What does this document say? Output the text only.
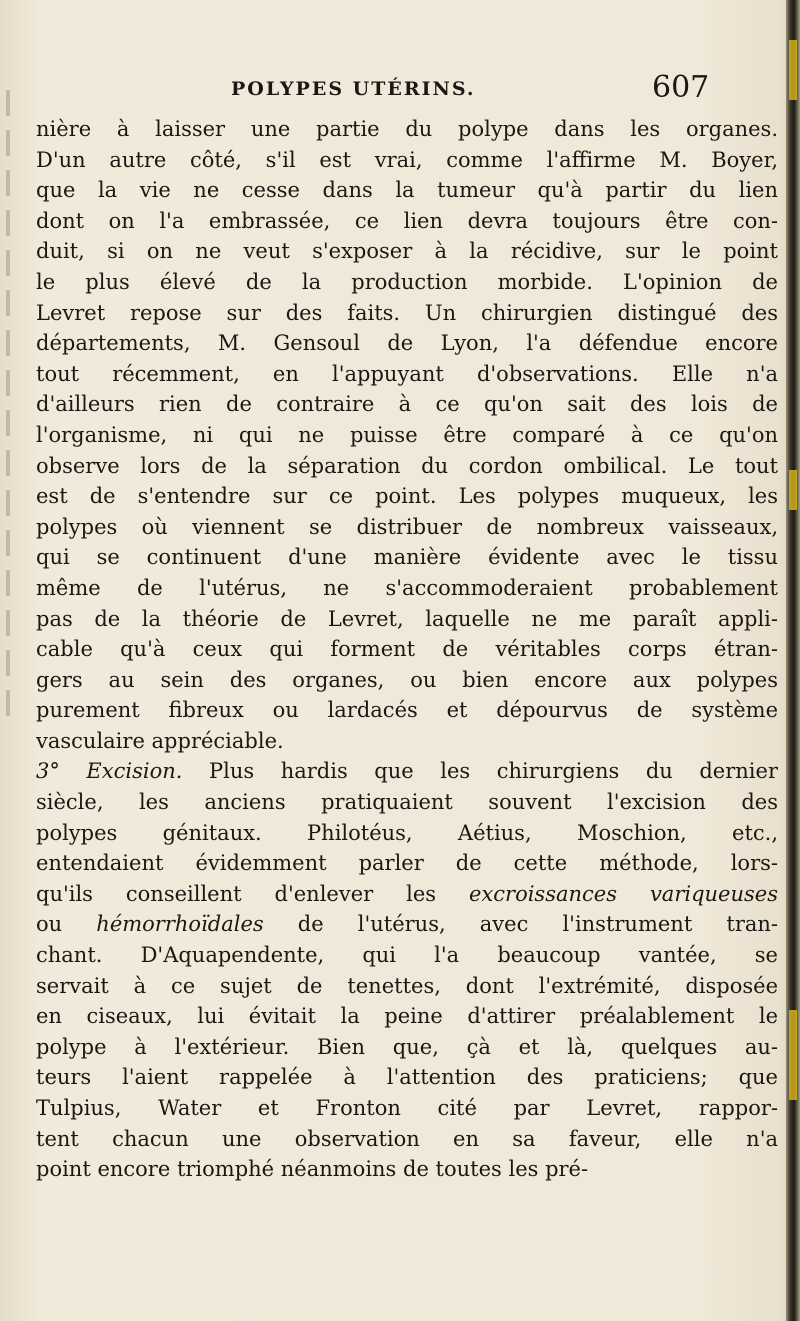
POLYPES UTÉRINS.	607
nière à laisser une partie du polype dans les organes.
D'un autre côté, s'il est vrai, comme l'affirme M. Boyer,
que la vie ne cesse dans la tumeur qu'à partir du lien
dont on l'a embrassée, ce lien devra toujours être con-
duit, si on ne veut s'exposer à la récidive, sur le point
le plus élevé de la production morbide. L'opinion de
Levret repose sur des faits. Un chirurgien distingué des
départements, M. Gensoul de Lyon, l'a défendue encore
tout récemment, en l'appuyant d'observations. Elle n'a
d'ailleurs rien de contraire à ce qu'on sait des lois de
l'organisme, ni qui ne puisse être comparé à ce qu'on
observe lors de la séparation du cordon ombilical. Le tout
est de s'entendre sur ce point. Les polypes muqueux, les
polypes où viennent se distribuer de nombreux vaisseaux,
qui se continuent d'une manière évidente avec le tissu
même de l'utérus, ne s'accommoderaient probablement
pas de la théorie de Levret, laquelle ne me paraît appli-
cable qu'à ceux qui forment de véritables corps étran-
gers au sein des organes, ou bien encore aux polypes
purement fibreux ou lardacés et dépourvus de système
vasculaire appréciable.
3° Excision. Plus hardis que les chirurgiens du dernier
siècle, les anciens pratiquaient souvent l'excision des
polypes génitaux. Philotéus, Aétius, Moschion, etc.,
entendaient évidemment parler de cette méthode, lors-
qu'ils conseillent d'enlever les excroissances variqueuses
ou hémorrhoïdales de l'utérus, avec l'instrument tran-
chant. D'Aquapendente, qui l'a beaucoup vantée, se
servait à ce sujet de tenettes, dont l'extrémité, disposée
en ciseaux, lui évitait la peine d'attirer préalablement le
polype à l'extérieur. Bien que, çà et là, quelques au-
teurs l'aient rappelée à l'attention des praticiens; que
Tulpius, Water et Fronton cité par Levret, rappor-
tent chacun une observation en sa faveur, elle n'a
point encore triomphé néanmoins de toutes les pré-
